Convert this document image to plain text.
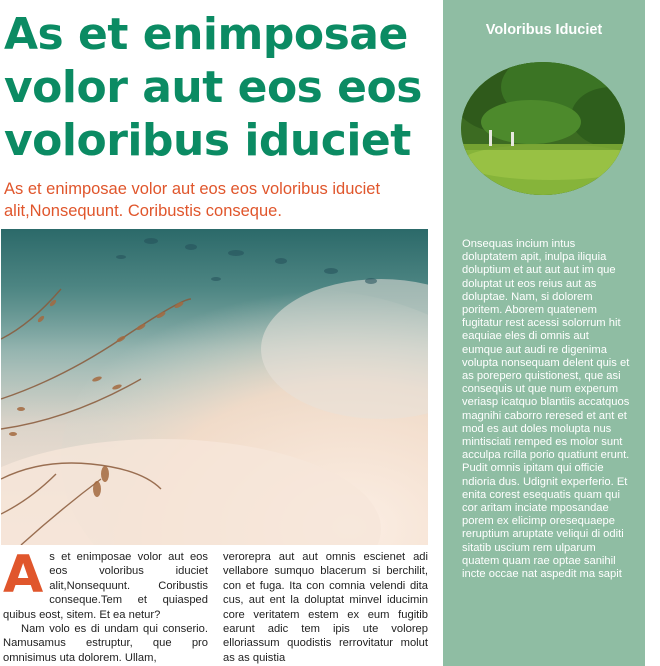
As et enimposae volor aut eos eos voloribus iduciet

As et enimposae volor aut eos eos voloribus iduciet alit,Nonsequunt. Coribustis conseque.

A s et enimposae volor aut eos eos voloribus iduciet alit,Nonsequunt. Coribustis conseque.Tem et quiasped quibus eost, sitem. Et ea netur?
Nam volo es di undam qui conserio. Namusamus estruptur, que pro omnisimus uta dolorem. Ullam,
verorepra aut aut omnis escienet adi vellabore sumquo blacerum si berchilit, con et fuga. Ita con comnia velendi dita cus, aut ent la doluptat minvel iducimin core veritatem estem ex eum fugitib earunt adic tem ipis ute volorep elloriassum quodistis rerrovitatur molut as as quistia
Voloribus Iduciet
Onsequas incium intus doluptatem apit, inulpa iliquia doluptium et aut aut aut im que doluptat ut eos reius aut as doluptae. Nam, si dolorem poritem. Aborem quatenem fugitatur rest acessi solorrum hit eaquiae eles di omnis aut eumque aut audi re digenima volupta nonsequam delent quis et as porepero quistionest, que asi consequis ut que num experum veriasp icatquo blantiis accatquos magnihi caborro reresed et ant et mod es aut doles molupta nus mintisciati remped es molor sunt acculpa rcilla porio quatiunt erunt. Pudit omnis ipitam qui officie ndioria dus. Udignit experferio. Et enita corest esequatis quam qui cor aritam inciate mposandae porem ex elicimp oresequaepe reruptium aruptate veliqui di oditi sitatib uscium rem ulparum quatem quam rae optae sanihil incte occae nat aspedit ma sapit
